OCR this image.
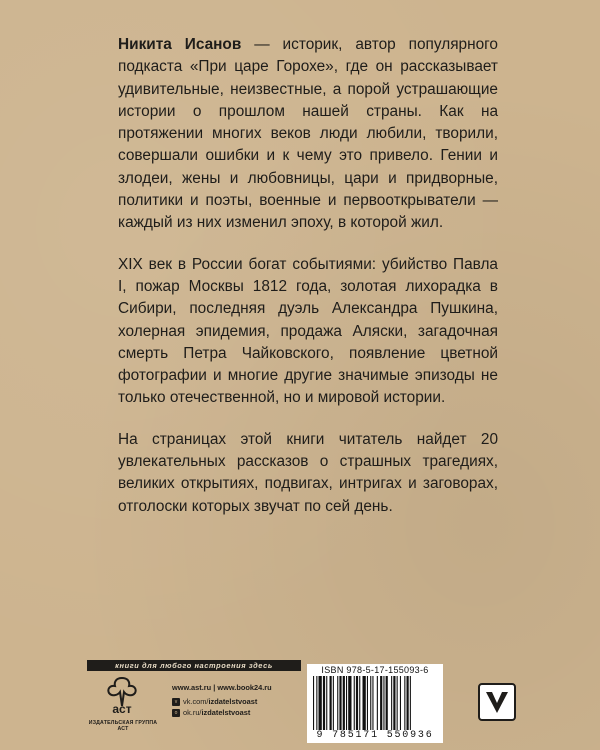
Никита Исанов — историк, автор популярного подкаста «При царе Горохе», где он рассказывает удивительные, неизвестные, а порой устрашающие истории о прошлом нашей страны. Как на протяжении многих веков люди любили, творили, совершали ошибки и к чему это привело. Гении и злодеи, жены и любовницы, цари и придворные, политики и поэты, военные и первооткрыватели — каждый из них изменил эпоху, в которой жил.

XIX век в России богат событиями: убийство Павла I, пожар Москвы 1812 года, золотая лихорадка в Сибири, последняя дуэль Александра Пушкина, холерная эпидемия, продажа Аляски, загадочная смерть Петра Чайковского, появление цветной фотографии и многие другие значимые эпизоды не только отечественной, но и мировой истории.

На страницах этой книги читатель найдет 20 увлекательных рассказов о страшных трагедиях, великих открытиях, подвигах, интригах и заговорах, отголоски которых звучат по сей день.

книги для любого настроения здесь
аст
ИЗДАТЕЛЬСКАЯ ГРУППА АСТ
www.ast.ru | www.book24.ru
v vk.com/ izdatelstvoast
o ok.ru/ izdatelstvoast
ISBN 978-5-17-155093-6
9 785171 550936
